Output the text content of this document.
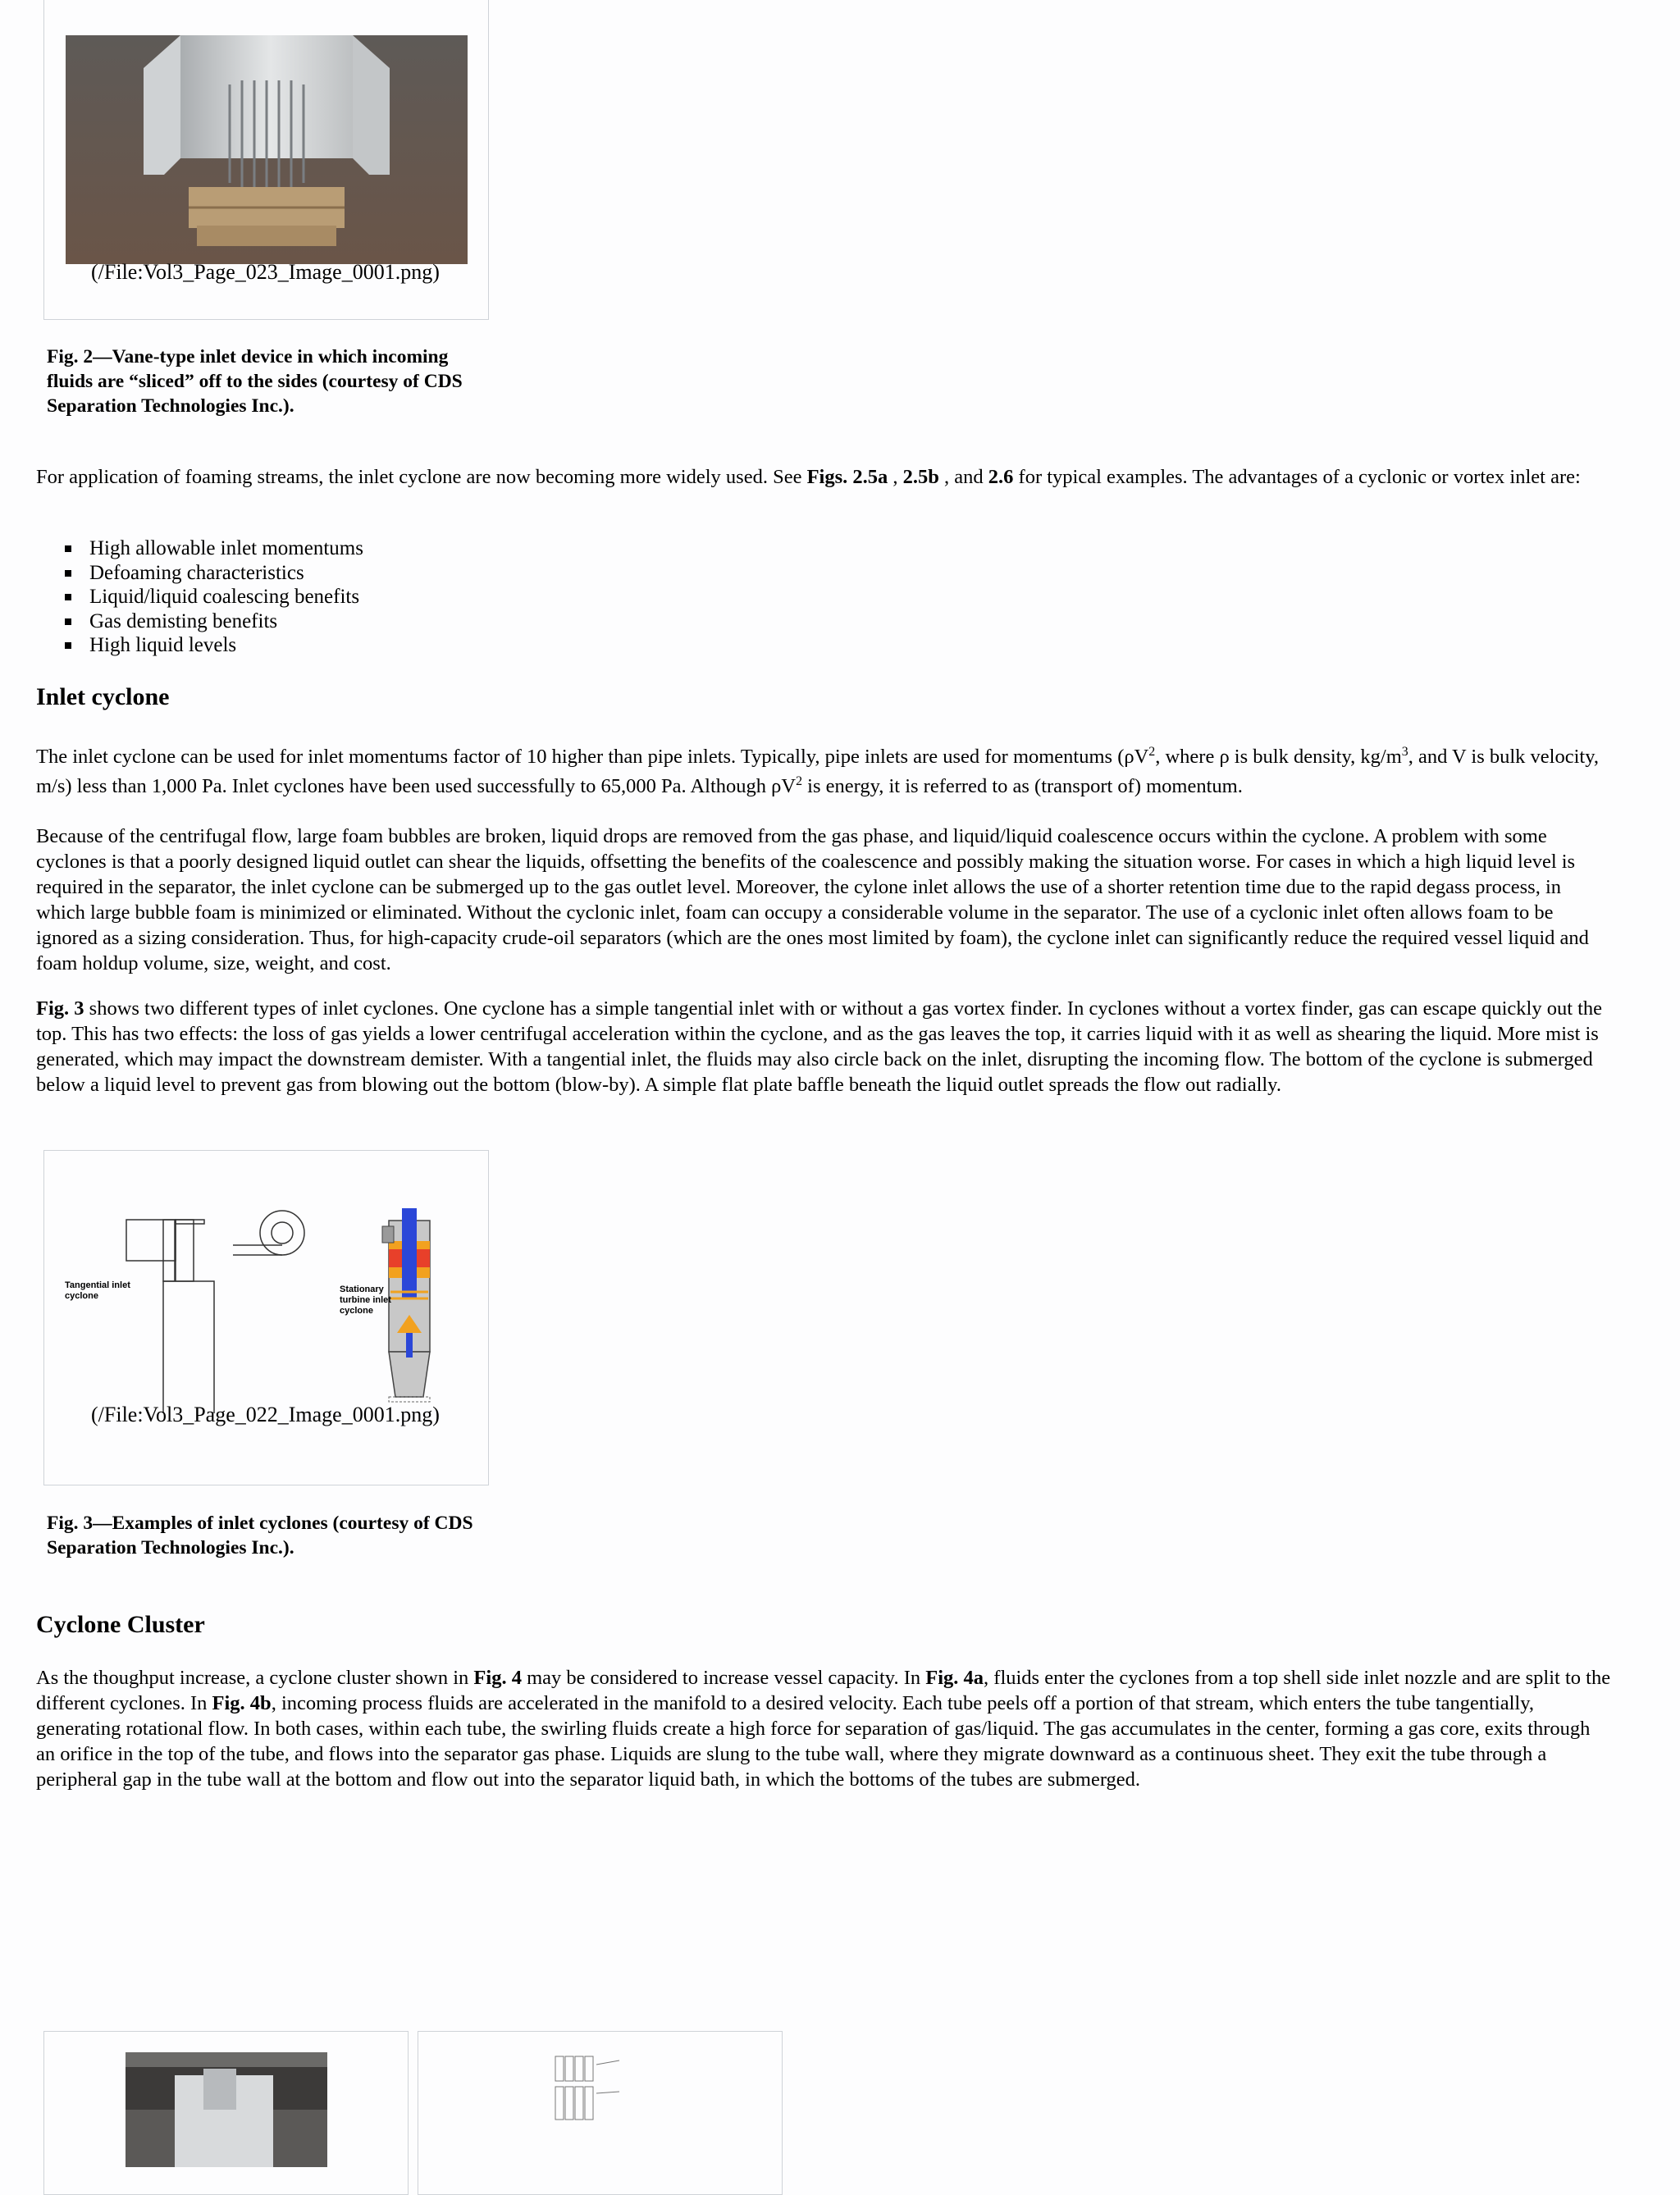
(/File:Vol3_Page_023_Image_0001.png)
Fig. 2—Vane-type inlet device in which incoming fluids are “sliced” off to the sides (courtesy of CDS Separation Technologies Inc.).

For application of foaming streams, the inlet cyclone are now becoming more widely used. See Figs. 2.5a , 2.5b , and 2.6 for typical examples. The advantages of a cyclonic or vortex inlet are:

High allowable inlet momentums
Defoaming characteristics
Liquid/liquid coalescing benefits
Gas demisting benefits
High liquid levels
Inlet cyclone

The inlet cyclone can be used for inlet momentums factor of 10 higher than pipe inlets. Typically, pipe inlets are used for momentums ($\rho V^2$, where ρ is bulk density, $kg/m^3$, and V is bulk velocity, m/s) less than 1,000 Pa. Inlet cyclones have been used successfully to 65,000 Pa. Although $\rho V^2$ is energy, it is referred to as (transport of) momentum.

Because of the centrifugal flow, large foam bubbles are broken, liquid drops are removed from the gas phase, and liquid/liquid coalescence occurs within the cyclone. A problem with some cyclones is that a poorly designed liquid outlet can shear the liquids, offsetting the benefits of the coalescence and possibly making the situation worse. For cases in which a high liquid level is required in the separator, the inlet cyclone can be submerged up to the gas outlet level. Moreover, the cylone inlet allows the use of a shorter retention time due to the rapid degass process, in which large bubble foam is minimized or eliminated. Without the cyclonic inlet, foam can occupy a considerable volume in the separator. The use of a cyclonic inlet often allows foam to be ignored as a sizing consideration. Thus, for high-capacity crude-oil separators (which are the ones most limited by foam), the cyclone inlet can significantly reduce the required vessel liquid and foam holdup volume, size, weight, and cost.

Fig. 3 shows two different types of inlet cyclones. One cyclone has a simple tangential inlet with or without a gas vortex finder. In cyclones without a vortex finder, gas can escape quickly out the top. This has two effects: the loss of gas yields a lower centrifugal acceleration within the cyclone, and as the gas leaves the top, it carries liquid with it as well as shearing the liquid. More mist is generated, which may impact the downstream demister. With a tangential inlet, the fluids may also circle back on the inlet, disrupting the incoming flow. The bottom of the cyclone is submerged below a liquid level to prevent gas from blowing out the bottom (blow-by). A simple flat plate baffle beneath the liquid outlet spreads the flow out radially.

Tangential inlet cyclone
Stationary turbine inlet cyclone
(/File:Vol3_Page_022_Image_0001.png)
Fig. 3—Examples of inlet cyclones (courtesy of CDS Separation Technologies Inc.).
Cyclone Cluster

As the thoughput increase, a cyclone cluster shown in Fig. 4 may be considered to increase vessel capacity. In Fig. 4a, fluids enter the cyclones from a top shell side inlet nozzle and are split to the different cyclones. In Fig. 4b, incoming process fluids are accelerated in the manifold to a desired velocity. Each tube peels off a portion of that stream, which enters the tube tangentially, generating rotational flow. In both cases, within each tube, the swirling fluids create a high force for separation of gas/liquid. The gas accumulates in the center, forming a gas core, exits through an orifice in the top of the tube, and flows into the separator gas phase. Liquids are slung to the tube wall, where they migrate downward as a continuous sheet. They exit the tube through a peripheral gap in the tube wall at the bottom and flow out into the separator liquid bath, in which the bottoms of the tubes are submerged.
